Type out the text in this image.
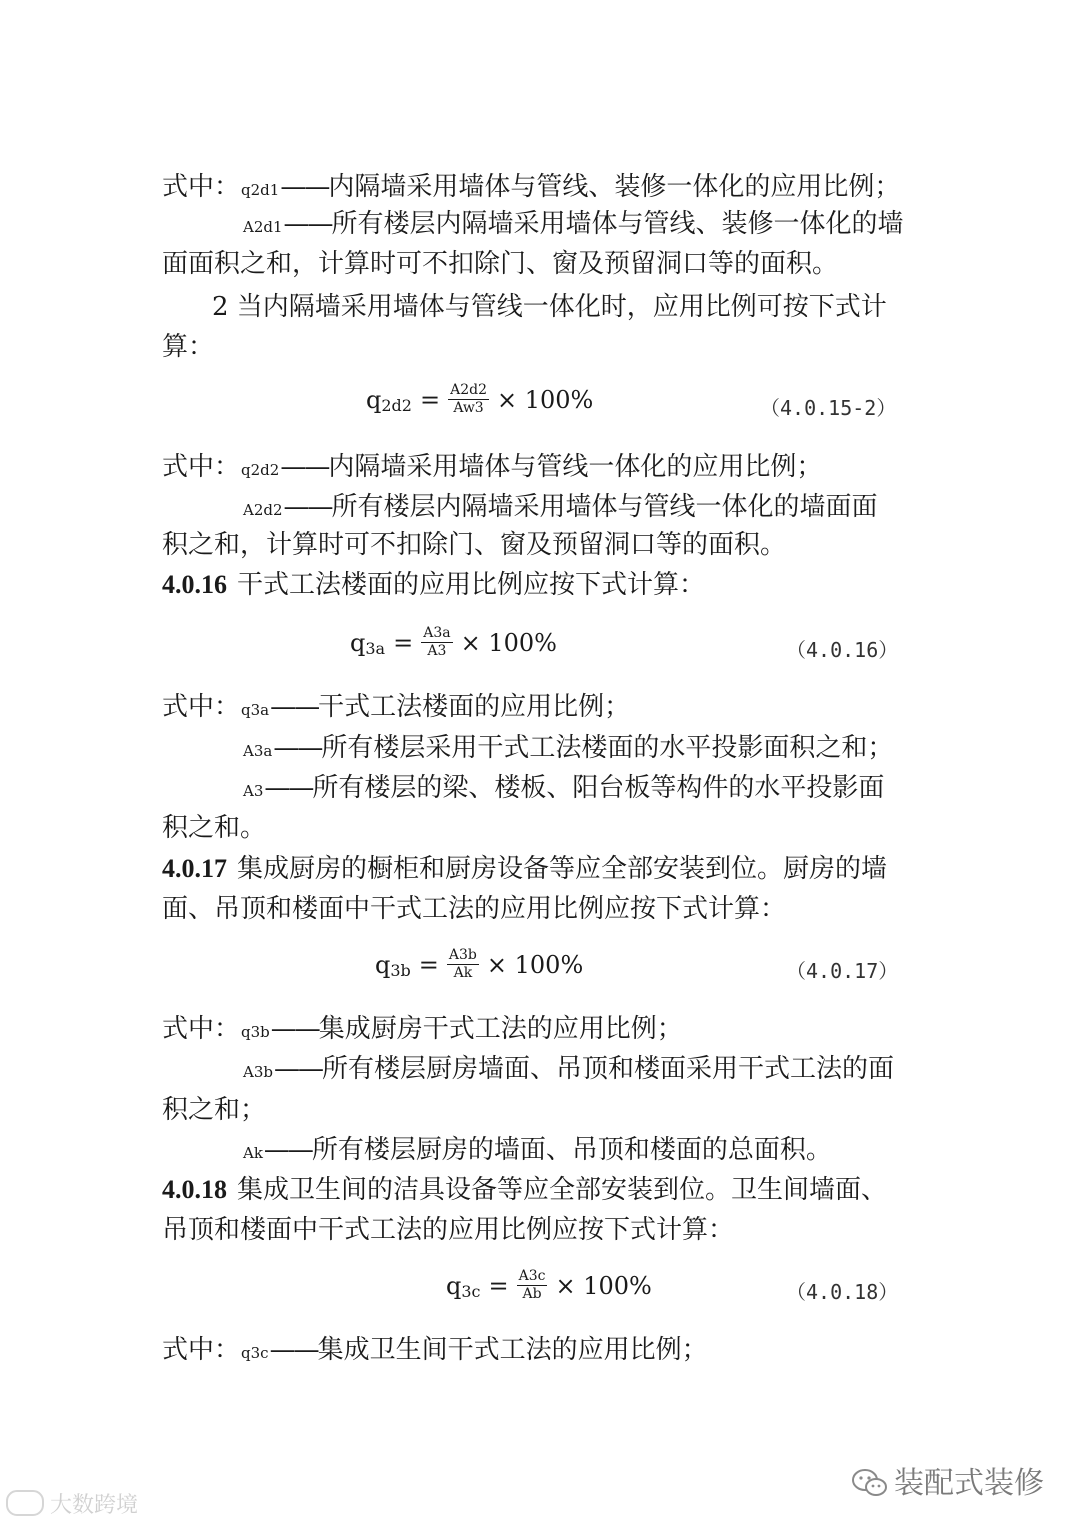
式中：q2d1——内隔墙采用墙体与管线、装修一体化的应用比例；
A2d1——所有楼层内隔墙采用墙体与管线、装修一体化的墙
面面积之和，计算时可不扣除门、窗及预留洞口等的面积。
2 当内隔墙采用墙体与管线一体化时，应用比例可按下式计
算：
q $2d2 = \frac{A2d2}{Aw3} \times 100\%$	（4.0.15-2）
式中：q2d2——内隔墙采用墙体与管线一体化的应用比例；
A2d2——所有楼层内隔墙采用墙体与管线一体化的墙面面
积之和，计算时可不扣除门、窗及预留洞口等的面积。
4.0.16 干式工法楼面的应用比例应按下式计算：
q $3a = \frac{A3a}{A3} \times 100\%$	（4.0.16）
式中：q3a——干式工法楼面的应用比例；
A3a——所有楼层采用干式工法楼面的水平投影面积之和；
A3——所有楼层的梁、楼板、阳台板等构件的水平投影面
积之和。
4.0.17 集成厨房的橱柜和厨房设备等应全部安装到位。厨房的墙
面、吊顶和楼面中干式工法的应用比例应按下式计算：
q $3b = \frac{A3b}{Ak} \times 100\%$	（4.0.17）
式中：q3b——集成厨房干式工法的应用比例；
A3b——所有楼层厨房墙面、吊顶和楼面采用干式工法的面
积之和；
Ak——所有楼层厨房的墙面、吊顶和楼面的总面积。
4.0.18 集成卫生间的洁具设备等应全部安装到位。卫生间墙面、
吊顶和楼面中干式工法的应用比例应按下式计算：
q $3c = \frac{A3c}{Ab} \times 100\%$	（4.0.18）
式中：q3c——集成卫生间干式工法的应用比例；
大数跨境
装配式装修
